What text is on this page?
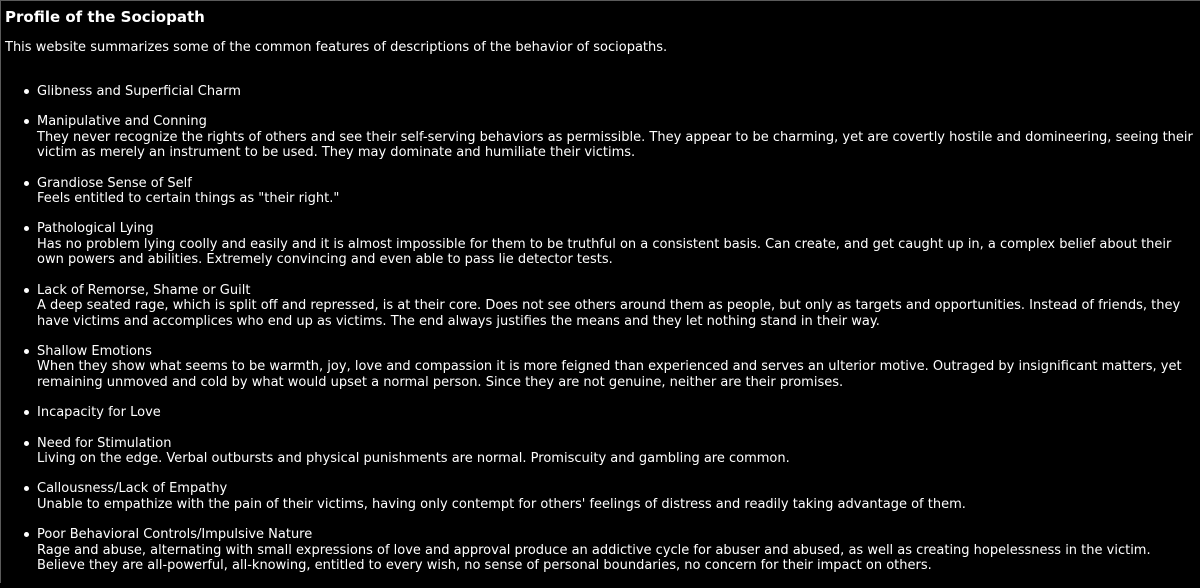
Profile of the Sociopath

This website summarizes some of the common features of descriptions of the behavior of sociopaths.

Glibness and Superficial Charm
Manipulative and Conning
They never recognize the rights of others and see their self-serving behaviors as permissible. They appear to be charming, yet are covertly hostile and domineering, seeing their victim as merely an instrument to be used. They may dominate and humiliate their victims.
Grandiose Sense of Self
Feels entitled to certain things as "their right."
Pathological Lying
Has no problem lying coolly and easily and it is almost impossible for them to be truthful on a consistent basis. Can create, and get caught up in, a complex belief about their own powers and abilities. Extremely convincing and even able to pass lie detector tests.
Lack of Remorse, Shame or Guilt
A deep seated rage, which is split off and repressed, is at their core. Does not see others around them as people, but only as targets and opportunities. Instead of friends, they have victims and accomplices who end up as victims. The end always justifies the means and they let nothing stand in their way.
Shallow Emotions
When they show what seems to be warmth, joy, love and compassion it is more feigned than experienced and serves an ulterior motive. Outraged by insignificant matters, yet remaining unmoved and cold by what would upset a normal person. Since they are not genuine, neither are their promises.
Incapacity for Love
Need for Stimulation
Living on the edge. Verbal outbursts and physical punishments are normal. Promiscuity and gambling are common.
Callousness/Lack of Empathy
Unable to empathize with the pain of their victims, having only contempt for others' feelings of distress and readily taking advantage of them.
Poor Behavioral Controls/Impulsive Nature
Rage and abuse, alternating with small expressions of love and approval produce an addictive cycle for abuser and abused, as well as creating hopelessness in the victim. Believe they are all-powerful, all-knowing, entitled to every wish, no sense of personal boundaries, no concern for their impact on others.
